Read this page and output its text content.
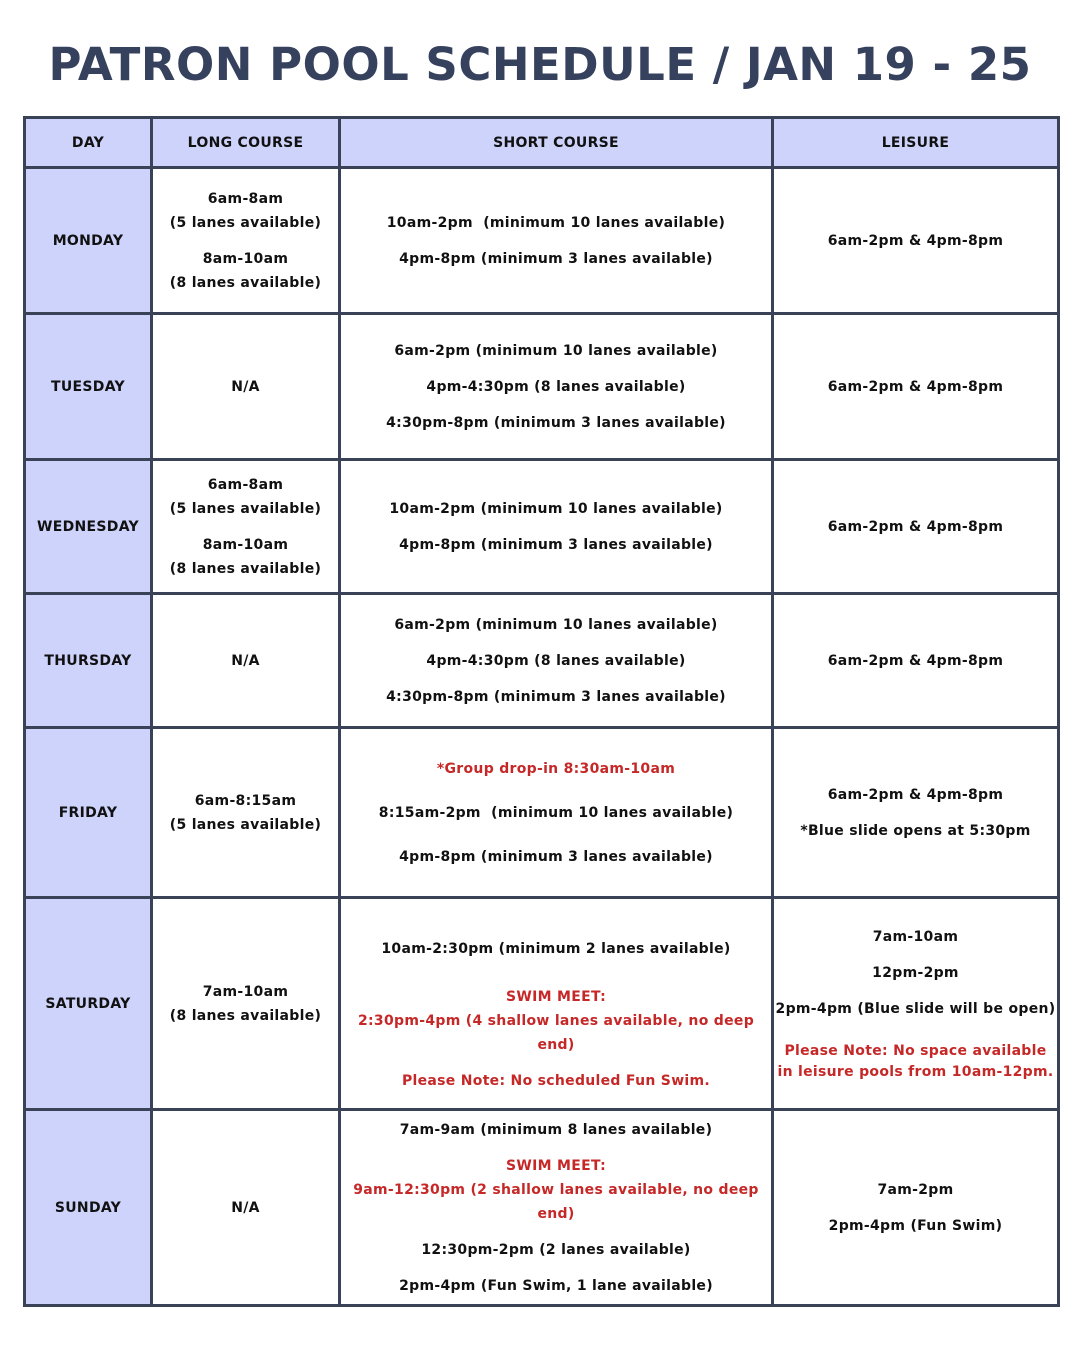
PATRON POOL SCHEDULE / JAN 19 - 25
DAY	LONG COURSE	SHORT COURSE	LEISURE
MONDAY	6am-8am
(5 lanes available)
8am-10am
(8 lanes available)	10am-2pm  (minimum 10 lanes available)
4pm-8pm (minimum 3 lanes available)	6am-2pm & 4pm-8pm

TUESDAY	N/A	6am-2pm (minimum 10 lanes available)
4pm-4:30pm (8 lanes available)
4:30pm-8pm (minimum 3 lanes available)	6am-2pm & 4pm-8pm

WEDNESDAY	6am-8am
(5 lanes available)
8am-10am
(8 lanes available)	10am-2pm (minimum 10 lanes available)
4pm-8pm (minimum 3 lanes available)	6am-2pm & 4pm-8pm

THURSDAY	N/A	6am-2pm (minimum 10 lanes available)
4pm-4:30pm (8 lanes available)
4:30pm-8pm (minimum 3 lanes available)	6am-2pm & 4pm-8pm

FRIDAY	6am-8:15am
(5 lanes available)	*Group drop-in 8:30am-10am
8:15am-2pm  (minimum 10 lanes available)
4pm-8pm (minimum 3 lanes available)	6am-2pm & 4pm-8pm
*Blue slide opens at 5:30pm

SATURDAY	7am-10am
(8 lanes available)	10am-2:30pm (minimum 2 lanes available)
SWIM MEET:
2:30pm-4pm (4 shallow lanes available, no deep end)
Please Note: No scheduled Fun Swim.	7am-10am
12pm-2pm
2pm-4pm (Blue slide will be open)
Please Note: No space available
in leisure pools from 10am-12pm.

SUNDAY	N/A	7am-9am (minimum 8 lanes available)
SWIM MEET:
9am-12:30pm (2 shallow lanes available, no deep end)
12:30pm-2pm (2 lanes available)
2pm-4pm (Fun Swim, 1 lane available)	7am-2pm
2pm-4pm (Fun Swim)
